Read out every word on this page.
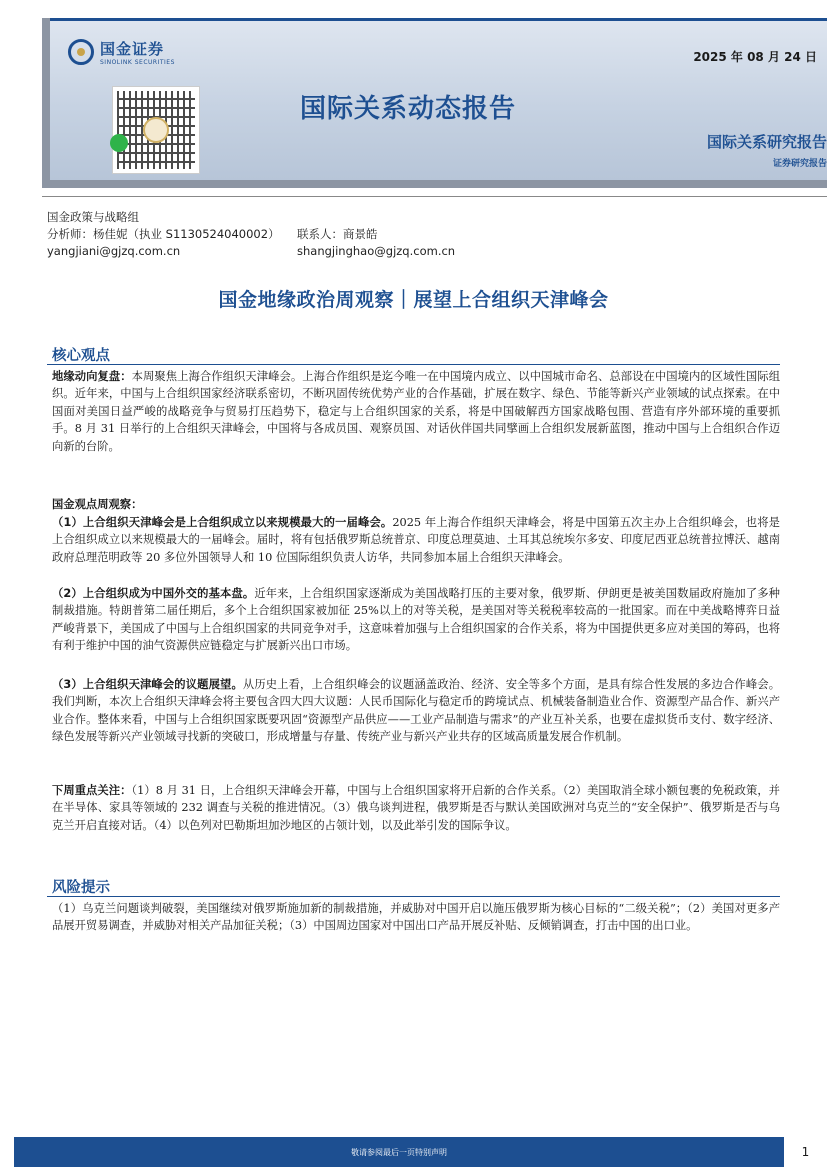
国金证券
SINOLINK SECURITIES	2025 年 08 月 24 日
国际关系动态报告
国际关系研究报告
证券研究报告
国金政策与战略组
分析师：杨佳妮（执业 S1130524040002）	联系人：商景皓
yangjiani@gjzq.com.cn	shangjinghao@gjzq.com.cn
国金地缘政治周观察｜展望上合组织天津峰会
核心观点
地缘动向复盘：本周聚焦上海合作组织天津峰会。上海合作组织是迄今唯一在中国境内成立、以中国城市命名、总部设在中国境内的区域性国际组织。近年来，中国与上合组织国家经济联系密切，不断巩固传统优势产业的合作基础，扩展在数字、绿色、节能等新兴产业领域的试点探索。在中国面对美国日益严峻的战略竞争与贸易打压趋势下，稳定与上合组织国家的关系，将是中国破解西方国家战略包围、营造有序外部环境的重要抓手。8 月 31 日举行的上合组织天津峰会，中国将与各成员国、观察员国、对话伙伴国共同擘画上合组织发展新蓝图，推动中国与上合组织合作迈向新的台阶。
国金观点周观察：
（1）上合组织天津峰会是上合组织成立以来规模最大的一届峰会。2025 年上海合作组织天津峰会，将是中国第五次主办上合组织峰会，也将是上合组织成立以来规模最大的一届峰会。届时，将有包括俄罗斯总统普京、印度总理莫迪、土耳其总统埃尔多安、印度尼西亚总统普拉博沃、越南政府总理范明政等 20 多位外国领导人和 10 位国际组织负责人访华，共同参加本届上合组织天津峰会。
（2）上合组织成为中国外交的基本盘。近年来，上合组织国家逐渐成为美国战略打压的主要对象，俄罗斯、伊朗更是被美国数届政府施加了多种制裁措施。特朗普第二届任期后，多个上合组织国家被加征 25%以上的对等关税，是美国对等关税税率较高的一批国家。而在中美战略博弈日益严峻背景下，美国成了中国与上合组织国家的共同竞争对手，这意味着加强与上合组织国家的合作关系，将为中国提供更多应对美国的筹码，也将有利于维护中国的油气资源供应链稳定与扩展新兴出口市场。
（3）上合组织天津峰会的议题展望。从历史上看，上合组织峰会的议题涵盖政治、经济、安全等多个方面，是具有综合性发展的多边合作峰会。我们判断，本次上合组织天津峰会将主要包含四大四大议题：人民币国际化与稳定币的跨境试点、机械装备制造业合作、资源型产品合作、新兴产业合作。整体来看，中国与上合组织国家既要巩固“资源型产品供应——工业产品制造与需求”的产业互补关系，也要在虚拟货币支付、数字经济、绿色发展等新兴产业领域寻找新的突破口，形成增量与存量、传统产业与新兴产业共存的区域高质量发展合作机制。
下周重点关注：（1）8 月 31 日，上合组织天津峰会开幕，中国与上合组织国家将开启新的合作关系。（2）美国取消全球小额包裹的免税政策，并在半导体、家具等领域的 232 调查与关税的推进情况。（3）俄乌谈判进程，俄罗斯是否与默认美国欧洲对乌克兰的“安全保护”、俄罗斯是否与乌克兰开启直接对话。（4）以色列对巴勒斯坦加沙地区的占领计划，以及此举引发的国际争议。
风险提示
（1）乌克兰问题谈判破裂，美国继续对俄罗斯施加新的制裁措施，并威胁对中国开启以施压俄罗斯为核心目标的“二级关税”；（2）美国对更多产品展开贸易调查，并威胁对相关产品加征关税；（3）中国周边国家对中国出口产品开展反补贴、反倾销调查，打击中国的出口业。
敬请参阅最后一页特别声明	1
